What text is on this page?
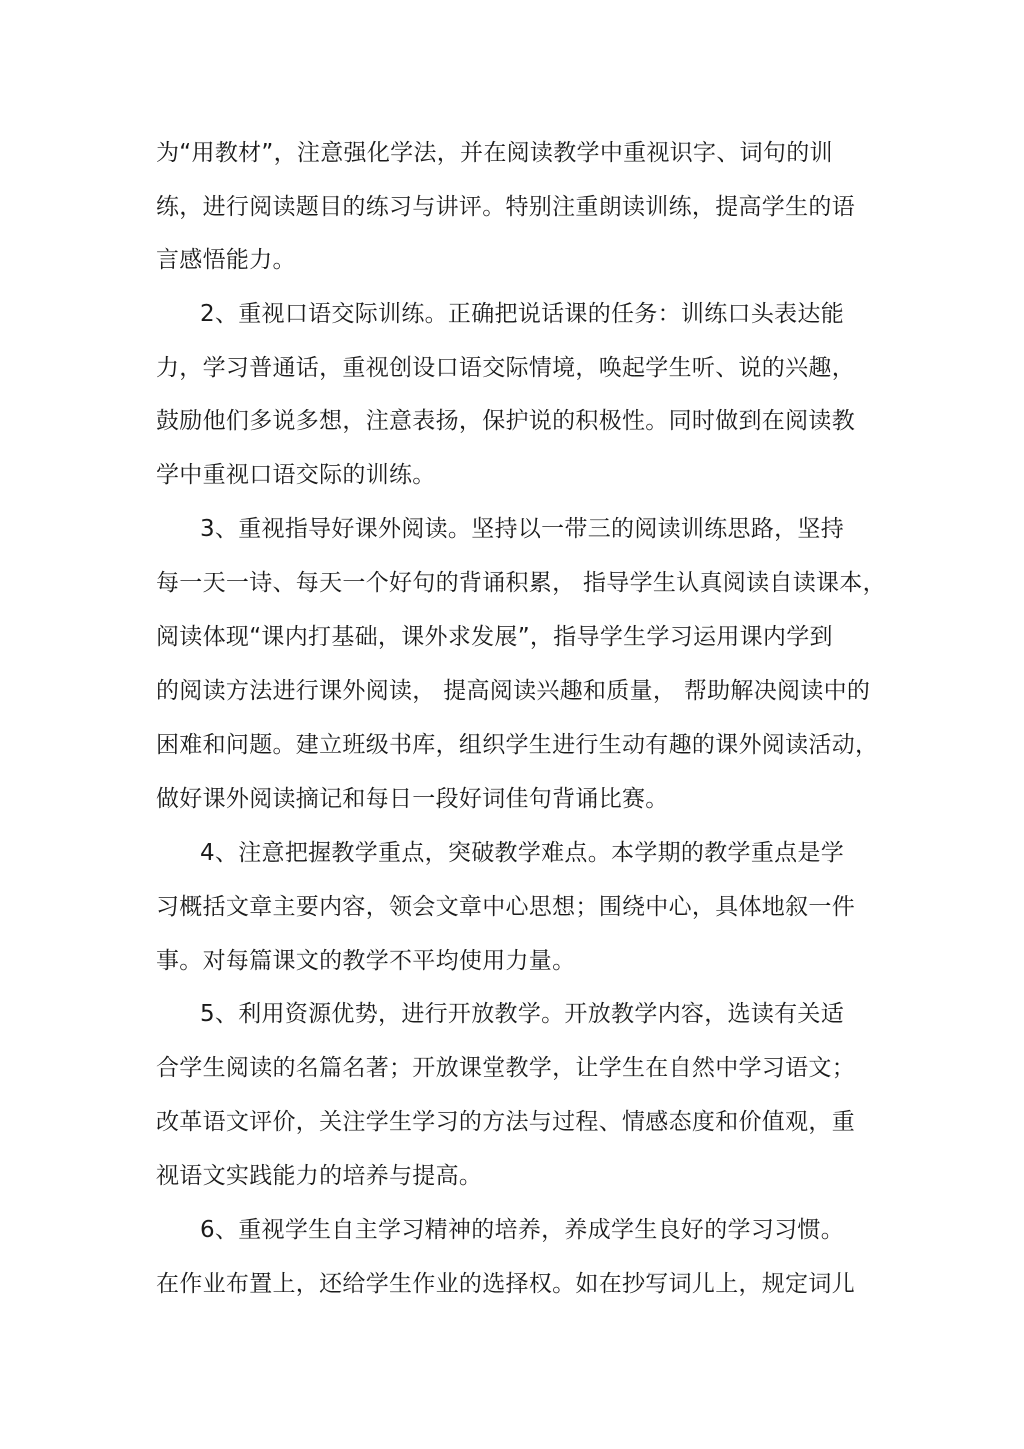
为“用教材”，注意强化学法，并在阅读教学中重视识字、词句的训
练，进行阅读题目的练习与讲评。特别注重朗读训练，提高学生的语
言感悟能力。
2、重视口语交际训练。正确把说话课的任务：训练口头表达能
力，学习普通话，重视创设口语交际情境，唤起学生听、说的兴趣，
鼓励他们多说多想，注意表扬，保护说的积极性。同时做到在阅读教
学中重视口语交际的训练。
3、重视指导好课外阅读。坚持以一带三的阅读训练思路，坚持
每一天一诗、每天一个好句的背诵积累， 指导学生认真阅读自读课本，
阅读体现“课内打基础，课外求发展”，指导学生学习运用课内学到
的阅读方法进行课外阅读， 提高阅读兴趣和质量， 帮助解决阅读中的
困难和问题。建立班级书库，组织学生进行生动有趣的课外阅读活动，
做好课外阅读摘记和每日一段好词佳句背诵比赛。
4、注意把握教学重点，突破教学难点。本学期的教学重点是学
习概括文章主要内容，领会文章中心思想；围绕中心，具体地叙一件
事。对每篇课文的教学不平均使用力量。
5、利用资源优势，进行开放教学。开放教学内容，选读有关适
合学生阅读的名篇名著；开放课堂教学，让学生在自然中学习语文；
改革语文评价，关注学生学习的方法与过程、情感态度和价值观，重
视语文实践能力的培养与提高。
6、重视学生自主学习精神的培养，养成学生良好的学习习惯。
在作业布置上，还给学生作业的选择权。如在抄写词儿上，规定词儿
